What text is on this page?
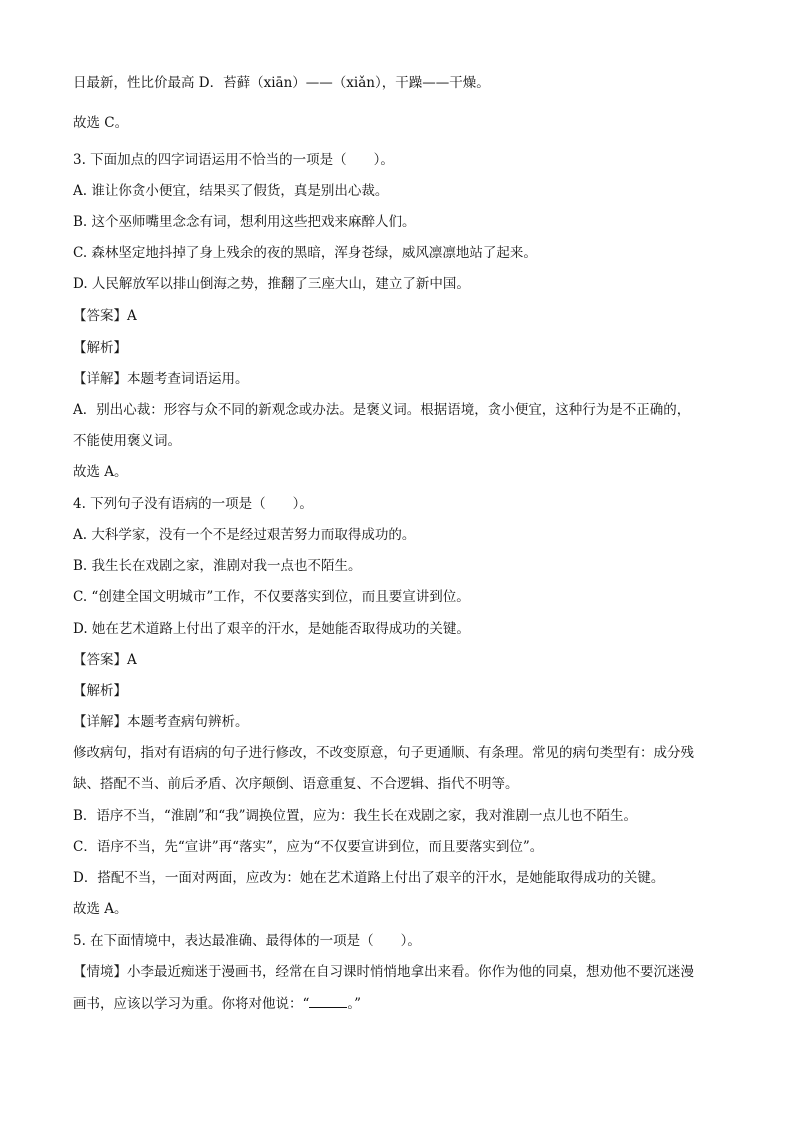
日最新，性比价最高 D．苔藓（xiān）——（xiǎn），干躁——干燥。
故选 C。
3. 下面加点的四字词语运用不恰当的一项是（　　）。
A. 谁让你贪小便宜，结果买了假货，真是别出心裁。
B. 这个巫师嘴里念念有词，想利用这些把戏来麻醉人们。
C. 森林坚定地抖掉了身上残余的夜的黑暗，浑身苍绿，威风凛凛地站了起来。
D. 人民解放军以排山倒海之势，推翻了三座大山，建立了新中国。
【答案】A
【解析】
【详解】本题考查词语运用。
A．别出心裁：形容与众不同的新观念或办法。是褒义词。根据语境，贪小便宜，这种行为是不正确的，
不能使用褒义词。
故选 A。
4. 下列句子没有语病的一项是（　　）。
A. 大科学家，没有一个不是经过艰苦努力而取得成功的。
B. 我生长在戏剧之家，淮剧对我一点也不陌生。
C. “创建全国文明城市”工作，不仅要落实到位，而且要宣讲到位。
D. 她在艺术道路上付出了艰辛的汗水，是她能否取得成功的关键。
【答案】A
【解析】
【详解】本题考查病句辨析。
修改病句，指对有语病的句子进行修改，不改变原意，句子更通顺、有条理。常见的病句类型有：成分残
缺、搭配不当、前后矛盾、次序颠倒、语意重复、不合逻辑、指代不明等。
B．语序不当，“淮剧”和“我”调换位置，应为：我生长在戏剧之家，我对淮剧一点儿也不陌生。
C．语序不当，先“宣讲”再“落实”，应为“不仅要宣讲到位，而且要落实到位”。
D．搭配不当，一面对两面，应改为：她在艺术道路上付出了艰辛的汗水，是她能取得成功的关键。
故选 A。
5. 在下面情境中，表达最准确、最得体的一项是（　　）。
【情境】小李最近痴迷于漫画书，经常在自习课时悄悄地拿出来看。你作为他的同桌，想劝他不要沉迷漫
画书，应该以学习为重。你将对他说：“	。”
